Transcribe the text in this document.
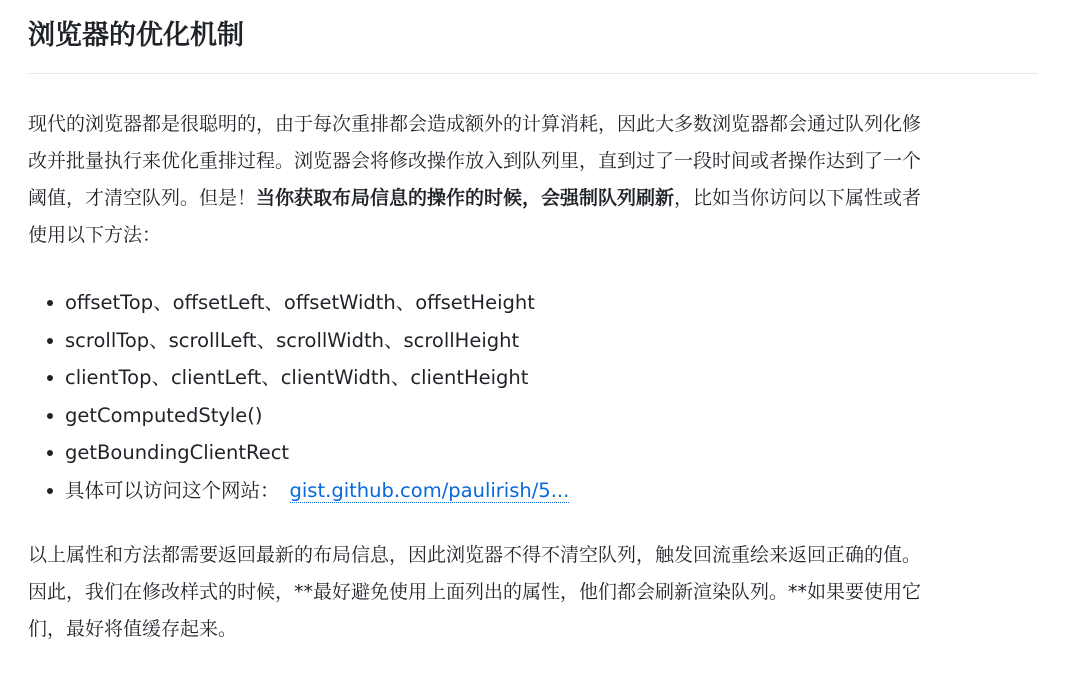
浏览器的优化机制

现代的浏览器都是很聪明的，由于每次重排都会造成额外的计算消耗，因此大多数浏览器都会通过队列化修
改并批量执行来优化重排过程。浏览器会将修改操作放入到队列里，直到过了一段时间或者操作达到了一个
阈值，才清空队列。但是！当你获取布局信息的操作的时候，会强制队列刷新，比如当你访问以下属性或者
使用以下方法：

offsetTop、offsetLeft、offsetWidth、offsetHeight
scrollTop、scrollLeft、scrollWidth、scrollHeight
clientTop、clientLeft、clientWidth、clientHeight
getComputedStyle()
getBoundingClientRect
具体可以访问这个网站： gist.github.com/paulirish/5...

以上属性和方法都需要返回最新的布局信息，因此浏览器不得不清空队列，触发回流重绘来返回正确的值。
因此，我们在修改样式的时候，**最好避免使用上面列出的属性，他们都会刷新渲染队列。**如果要使用它
们，最好将值缓存起来。
